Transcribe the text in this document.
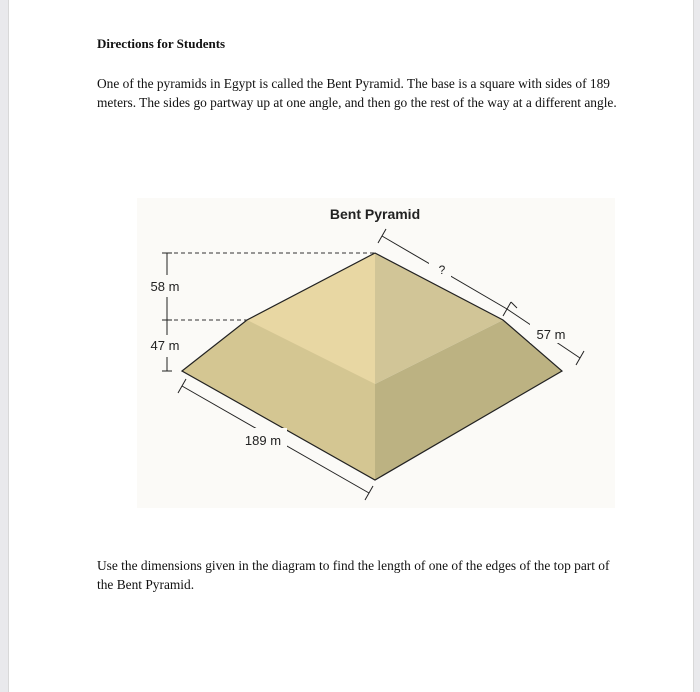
Directions for Students
One of the pyramids in Egypt is called the Bent Pyramid. The base is a square with sides of 189 meters. The sides go partway up at one angle, and then go the rest of the way at a different angle.
Bent Pyramid
58 m
47 m
189 m
?
57 m
Use the dimensions given in the diagram to find the length of one of the edges of the top part of the Bent Pyramid.
